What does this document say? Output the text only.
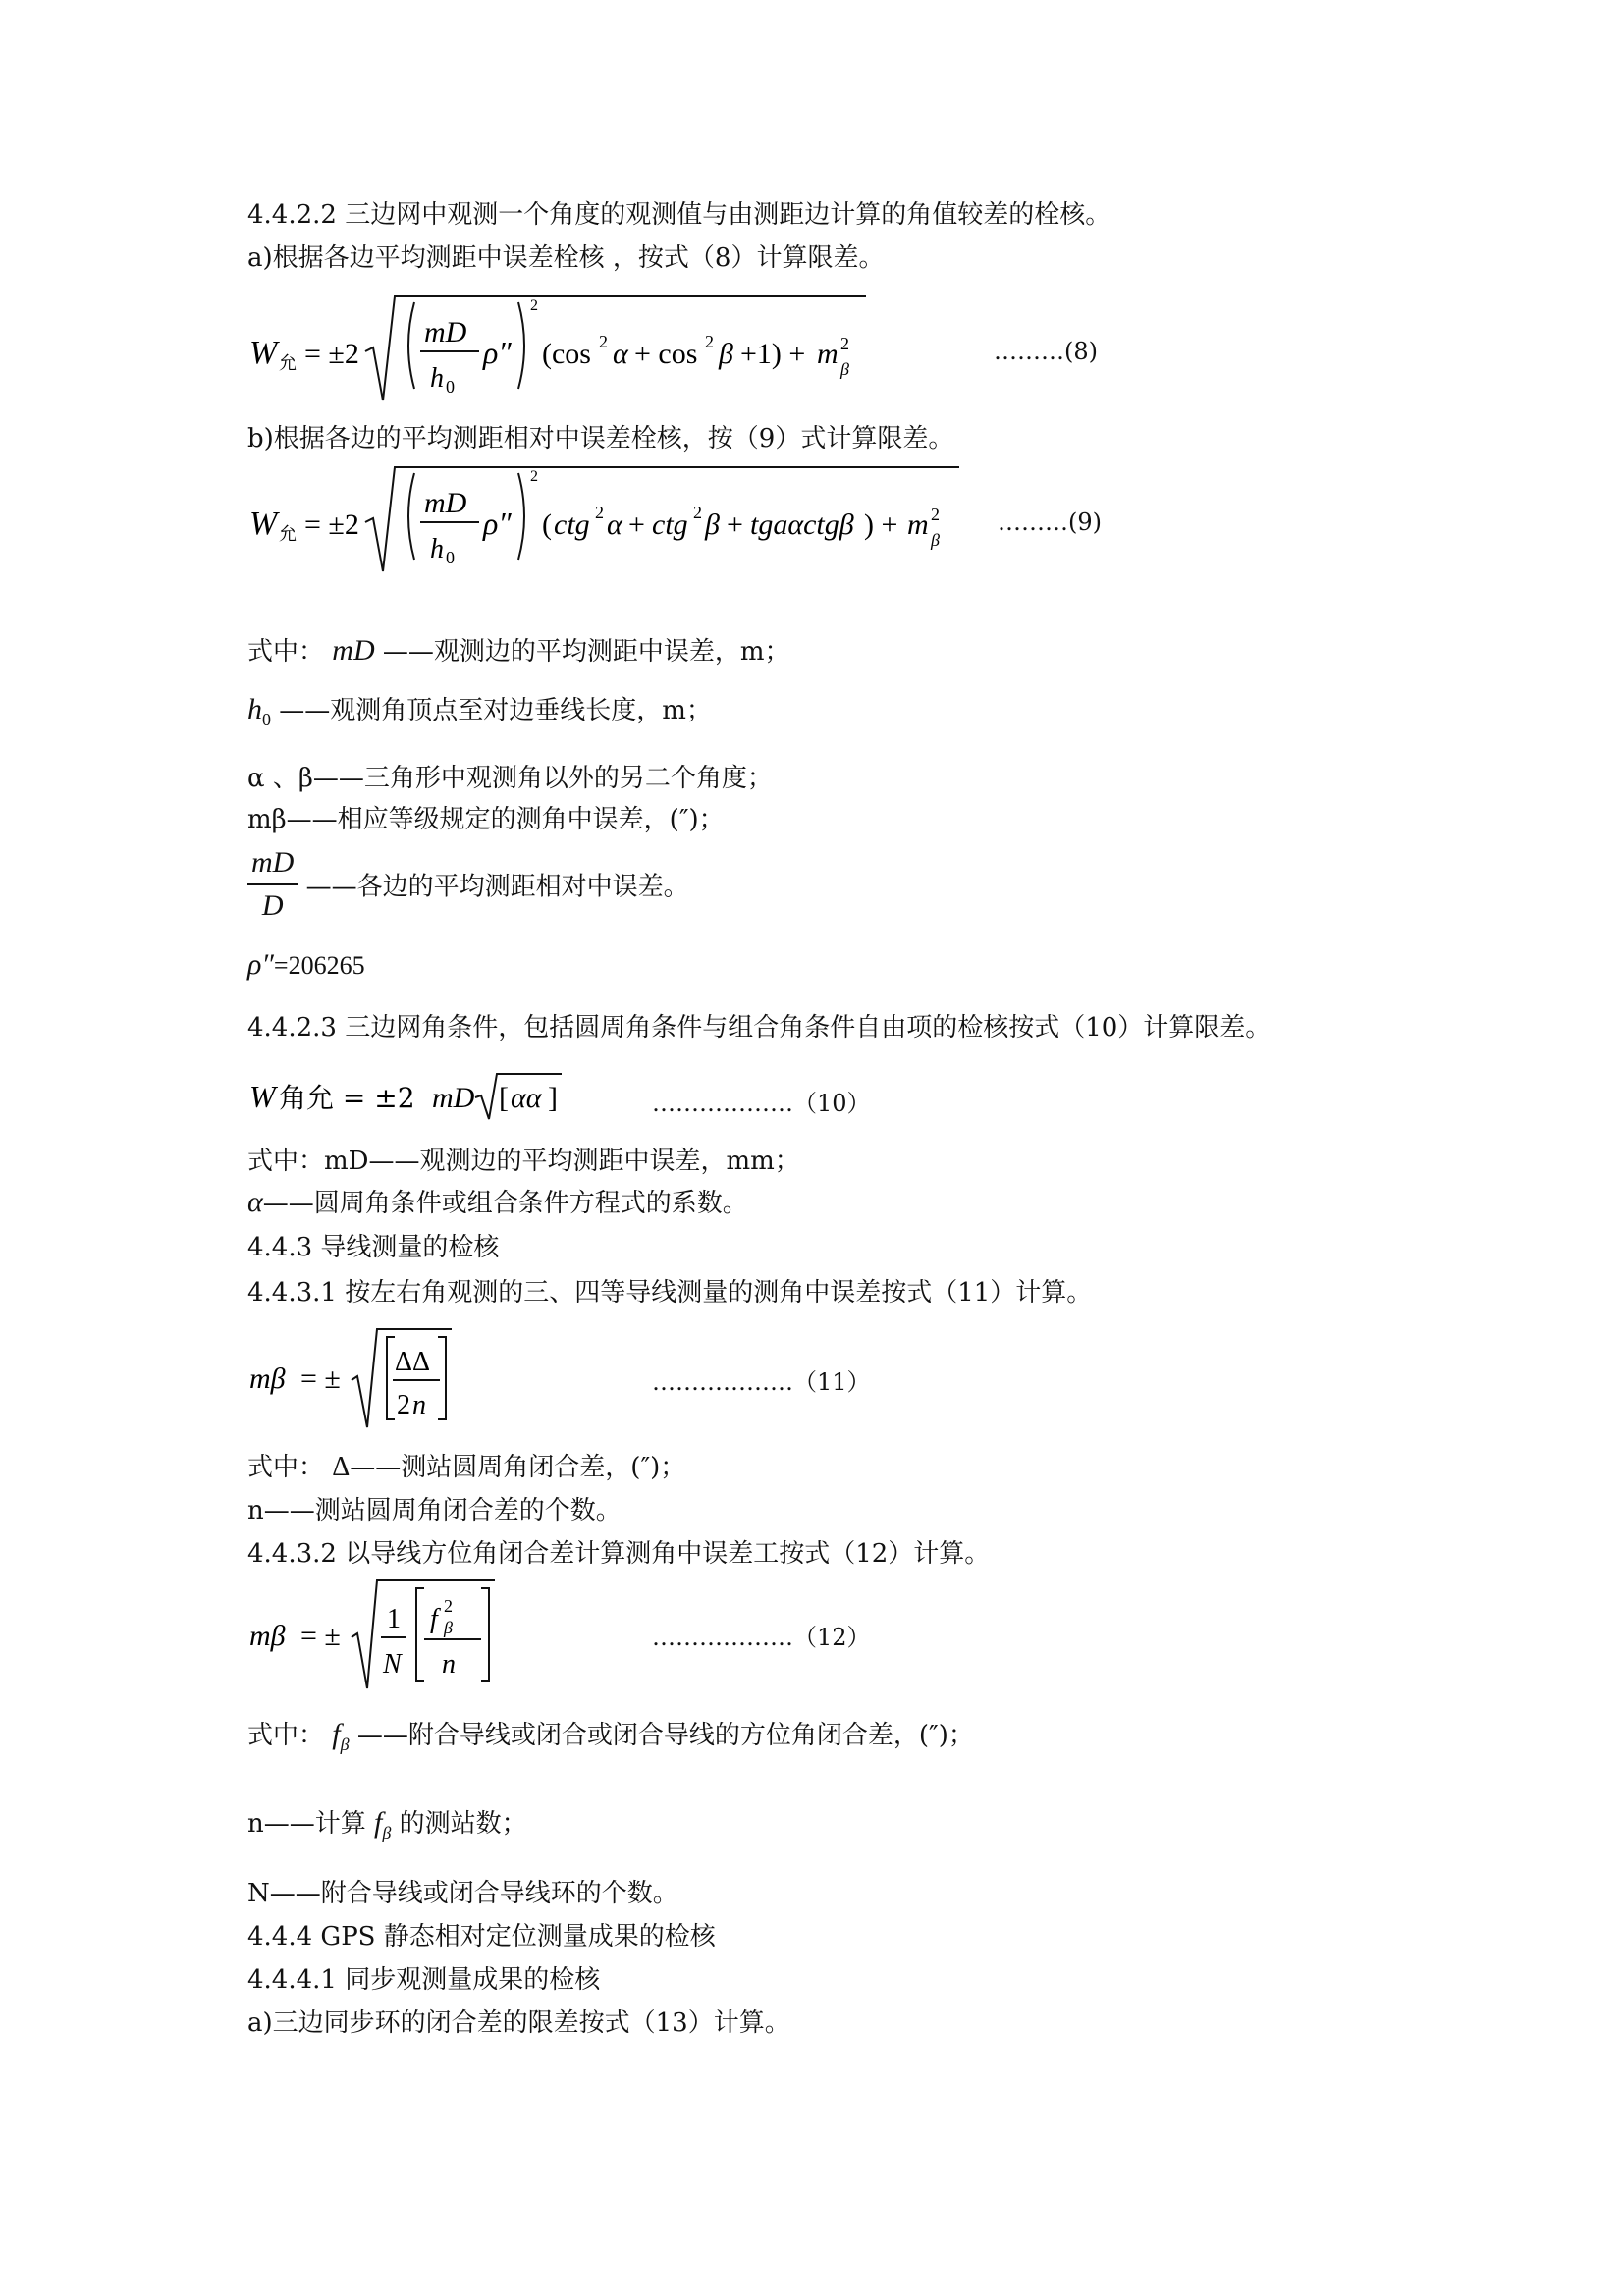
4.4.2.2 三边网中观测一个角度的观测值与由测距边计算的角值较差的栓核。
a)根据各边平均测距中误差栓核 ，按式（8）计算限差。
W 允 = ±2
mD
h 0
ρ″
2
(cos 2 α + cos 2 β +1) + m 2
β
………(8)
b)根据各边的平均测距相对中误差栓核，按（9）式计算限差。
W 允 = ±2
mD
h 0
ρ″
2
( ctg 2 α + ctg 2 β + tgaαctgβ ) + m 2
β
………(9)
式中： mD ——观测边的平均测距中误差，m；
$h_0$ ——观测角顶点至对边垂线长度，m；
α 、β——三角形中观测角以外的另二个角度；
mβ——相应等级规定的测角中误差，(″)；
$\frac{mD}{D}$ ——各边的平均测距相对中误差。
ρ″=206265
4.4.2.3 三边网角条件，包括圆周角条件与组合角条件自由项的检核按式（10）计算限差。
W 角允 = ±2 mD [ αα ]	………………（10）
式中：mD——观测边的平均测距中误差，mm；
α——圆周角条件或组合条件方程式的系数。
4.4.3 导线测量的检核
4.4.3.1 按左右角观测的三、四等导线测量的测角中误差按式（11）计算。
mβ = ±
ΔΔ
2 n
………………（11）
式中： Δ——测站圆周角闭合差，(″)；
n——测站圆周角闭合差的个数。
4.4.3.2 以导线方位角闭合差计算测角中误差工按式（12）计算。
mβ = ±
1
N
f 2
β
n
………………（12）
式中： $f_\beta$ ——附合导线或闭合或闭合导线的方位角闭合差，(″)；
n——计算 $f_\beta$ 的测站数；
N——附合导线或闭合导线环的个数。
4.4.4 GPS 静态相对定位测量成果的检核
4.4.4.1 同步观测量成果的检核
a)三边同步环的闭合差的限差按式（13）计算。
